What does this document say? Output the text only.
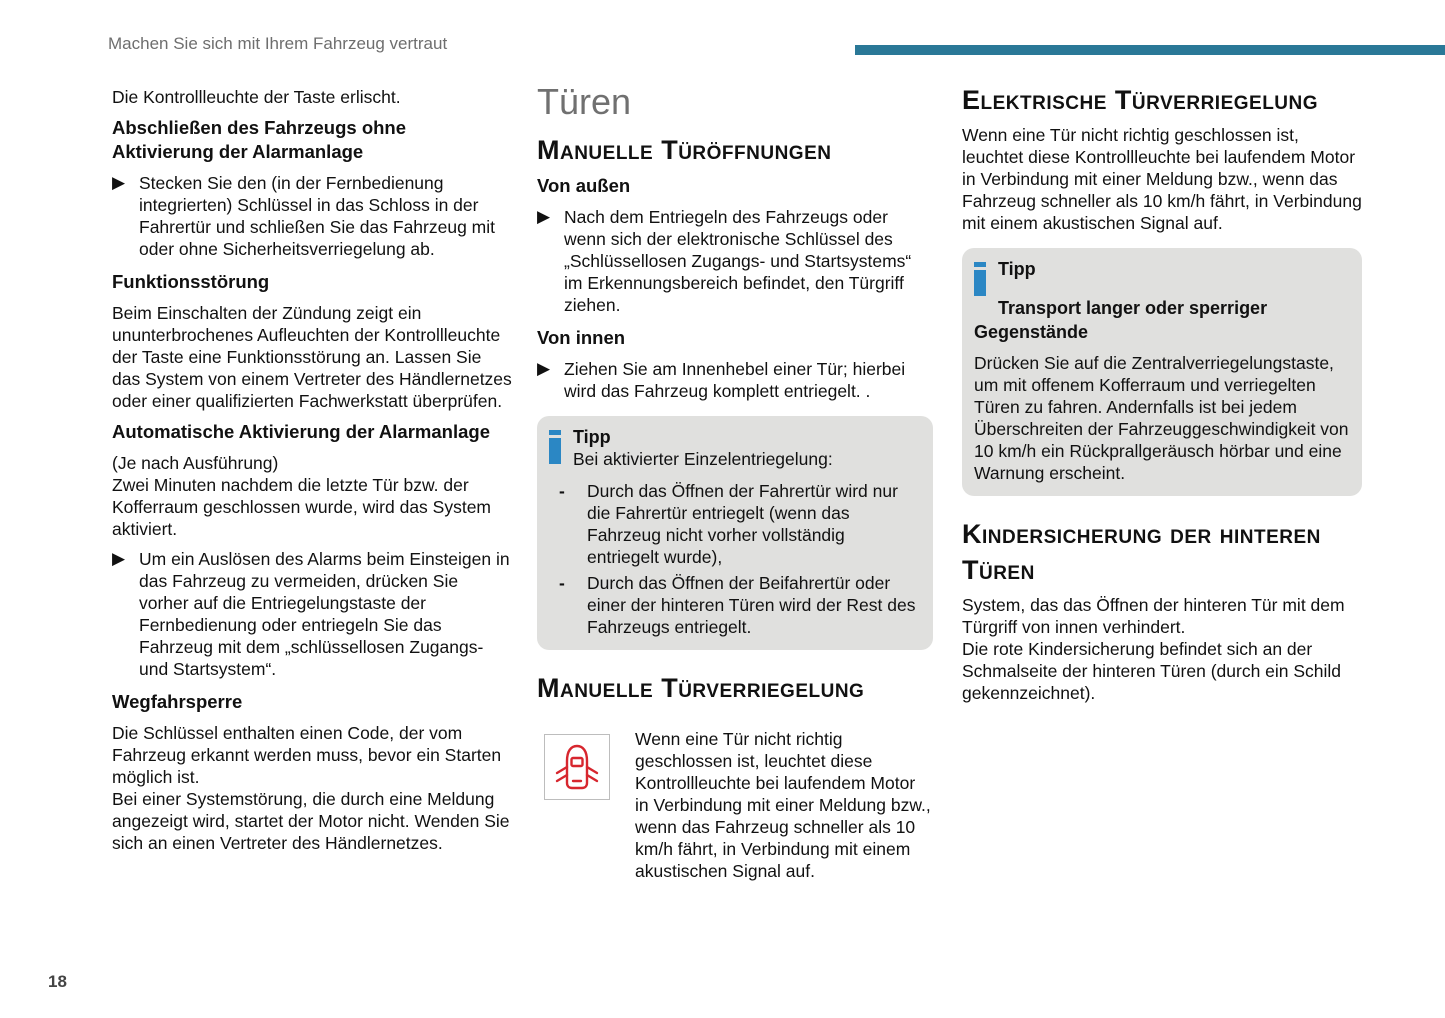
Machen Sie sich mit Ihrem Fahrzeug vertraut

Die Kontrollleuchte der Taste erlischt.

Abschließen des Fahrzeugs ohne Aktivierung der Alarmanlage
▶ Stecken Sie den (in der Fernbedienung integrierten) Schlüssel in das Schloss in der Fahrertür und schließen Sie das Fahrzeug mit oder ohne Sicherheitsverriegelung ab.
Funktionsstörung

Beim Einschalten der Zündung zeigt ein ununterbrochenes Aufleuchten der Kontrollleuchte der Taste eine Funktionsstörung an. Lassen Sie das System von einem Vertreter des Händlernetzes oder einer qualifizierten Fachwerkstatt überprüfen.

Automatische Aktivierung der Alarmanlage

(Je nach Ausführung)

Zwei Minuten nachdem die letzte Tür bzw. der Kofferraum geschlossen wurde, wird das System aktiviert.

▶ Um ein Auslösen des Alarms beim Einsteigen in das Fahrzeug zu vermeiden, drücken Sie vorher auf die Entriegelungstaste der Fernbedienung oder entriegeln Sie das Fahrzeug mit dem „schlüssellosen Zugangs- und Startsystem“.
Wegfahrsperre

Die Schlüssel enthalten einen Code, der vom Fahrzeug erkannt werden muss, bevor ein Starten möglich ist.

Bei einer Systemstörung, die durch eine Meldung angezeigt wird, startet der Motor nicht. Wenden Sie sich an einen Vertreter des Händlernetzes.

Türen
Manuelle Türöffnungen
Von außen
▶ Nach dem Entriegeln des Fahrzeugs oder wenn sich der elektronische Schlüssel des „Schlüssellosen Zugangs- und Startsystems“ im Erkennungsbereich befindet, den Türgriff ziehen.
Von innen
▶ Ziehen Sie am Innenhebel einer Tür; hierbei wird das Fahrzeug komplett entriegelt. .
Tipp
Bei aktivierter Einzelentriegelung:
-	Durch das Öffnen der Fahrertür wird nur die Fahrertür entriegelt (wenn das Fahrzeug nicht vorher vollständig entriegelt wurde),
-	Durch das Öffnen der Beifahrertür oder einer der hinteren Türen wird der Rest des Fahrzeugs entriegelt.
Manuelle Türverriegelung
Wenn eine Tür nicht richtig geschlossen ist, leuchtet diese Kontrollleuchte bei laufendem Motor in Verbindung mit einer Meldung bzw., wenn das Fahrzeug schneller als 10 km/h fährt, in Verbindung mit einem akustischen Signal auf.
Elektrische Türverriegelung

Wenn eine Tür nicht richtig geschlossen ist, leuchtet diese Kontrollleuchte bei laufendem Motor in Verbindung mit einer Meldung bzw., wenn das Fahrzeug schneller als 10 km/h fährt, in Verbindung mit einem akustischen Signal auf.

Tipp
Transport langer oder sperriger Gegenstände

Drücken Sie auf die Zentralverriegelungstaste, um mit offenem Kofferraum und verriegelten Türen zu fahren. Andernfalls ist bei jedem Überschreiten der Fahrzeuggeschwindigkeit von 10 km/h ein Rückprallgeräusch hörbar und eine Warnung erscheint.

Kindersicherung der hinteren Türen

System, das das Öffnen der hinteren Tür mit dem Türgriff von innen verhindert.

Die rote Kindersicherung befindet sich an der Schmalseite der hinteren Türen (durch ein Schild gekennzeichnet).

18
